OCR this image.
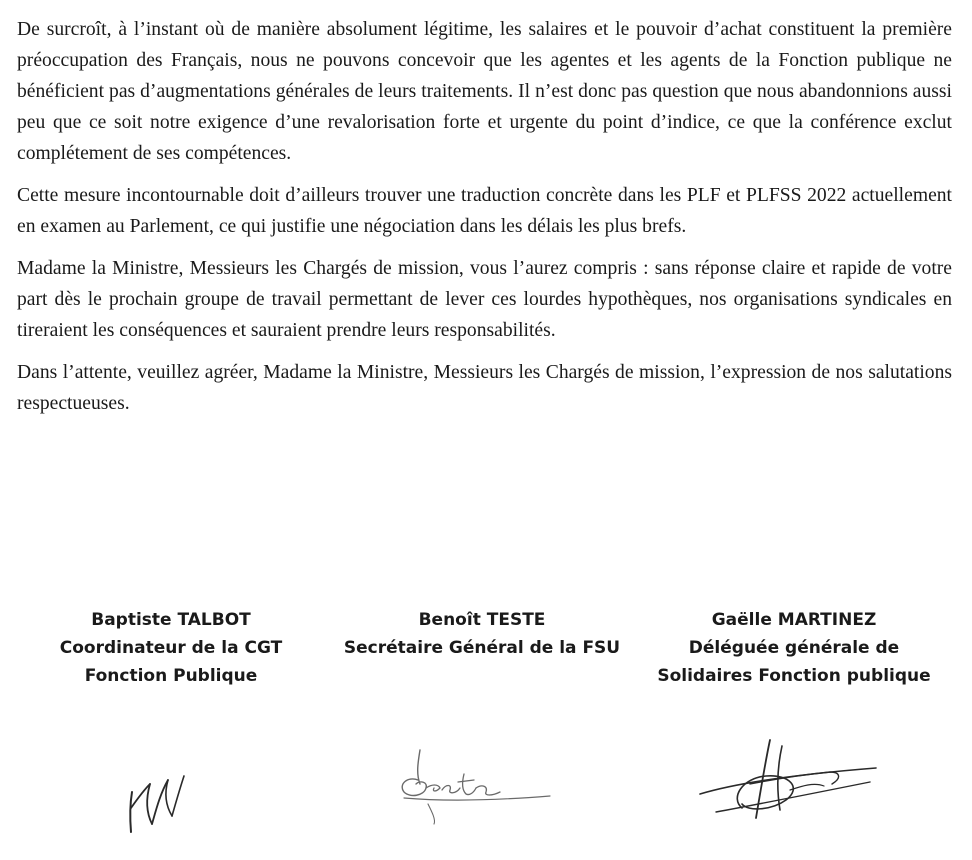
De surcroît, à l’instant où de manière absolument légitime, les salaires et le pouvoir d’achat constituent la première préoccupation des Français, nous ne pouvons concevoir que les agentes et les agents de la Fonction publique ne bénéficient pas d’augmentations générales de leurs traitements. Il n’est donc pas question que nous abandonnions aussi peu que ce soit notre exigence d’une revalorisation forte et urgente du point d’indice, ce que la conférence exclut complétement de ses compétences.

Cette mesure incontournable doit d’ailleurs trouver une traduction concrète dans les PLF et PLFSS 2022 actuellement en examen au Parlement, ce qui justifie une négociation dans les délais les plus brefs.

Madame la Ministre, Messieurs les Chargés de mission, vous l’aurez compris : sans réponse claire et rapide de votre part dès le prochain groupe de travail permettant de lever ces lourdes hypothèques, nos organisations syndicales en tireraient les conséquences et sauraient prendre leurs responsabilités.

Dans l’attente, veuillez agréer, Madame la Ministre, Messieurs les Chargés de mission, l’expression de nos salutations respectueuses.

Baptiste TALBOT
Coordinateur de la CGT
Fonction Publique
Benoît TESTE
Secrétaire Général de la FSU
Gaëlle MARTINEZ
Déléguée générale de
Solidaires Fonction publique
